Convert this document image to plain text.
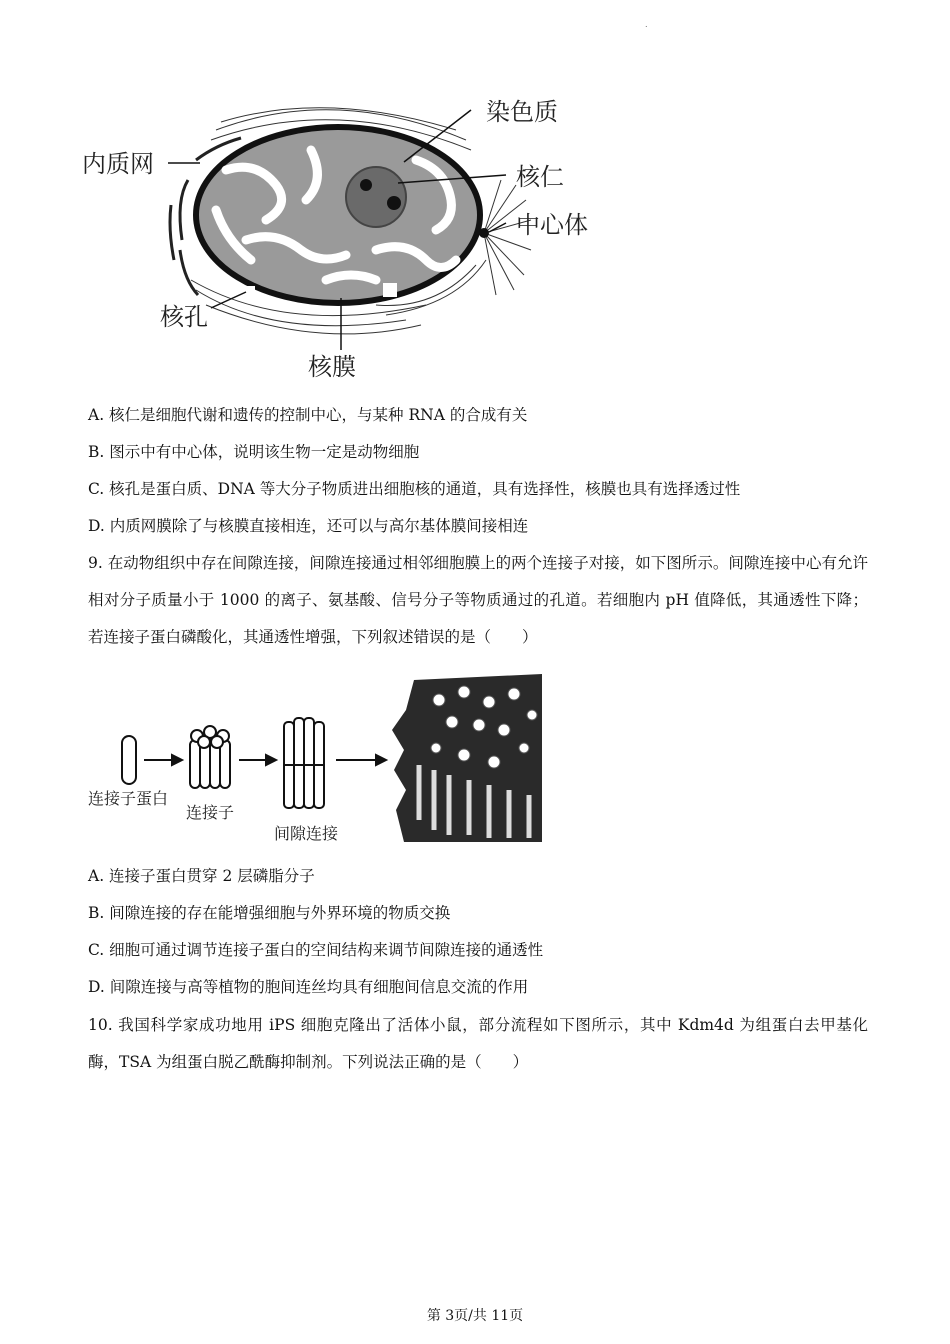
.
内质网
染色质
核仁
中心体
核孔
核膜
A. 核仁是细胞代谢和遗传的控制中心，与某种 RNA 的合成有关
B. 图示中有中心体，说明该生物一定是动物细胞
C. 核孔是蛋白质、DNA 等大分子物质进出细胞核的通道，具有选择性，核膜也具有选择透过性
D. 内质网膜除了与核膜直接相连，还可以与高尔基体膜间接相连
9. 在动物组织中存在间隙连接，间隙连接通过相邻细胞膜上的两个连接子对接，如下图所示。间隙连接中心有允许相对分子质量小于 1000 的离子、氨基酸、信号分子等物质通过的孔道。若细胞内 pH 值降低，其通透性下降；若连接子蛋白磷酸化，其通透性增强，下列叙述错误的是（　　）
连接子蛋白
连接子
间隙连接
A. 连接子蛋白贯穿 2 层磷脂分子
B. 间隙连接的存在能增强细胞与外界环境的物质交换
C. 细胞可通过调节连接子蛋白的空间结构来调节间隙连接的通透性
D. 间隙连接与高等植物的胞间连丝均具有细胞间信息交流的作用
10. 我国科学家成功地用 iPS 细胞克隆出了活体小鼠，部分流程如下图所示，其中 Kdm4d 为组蛋白去甲基化酶，TSA 为组蛋白脱乙酰酶抑制剂。下列说法正确的是（　　）
第 3页/共 11页
